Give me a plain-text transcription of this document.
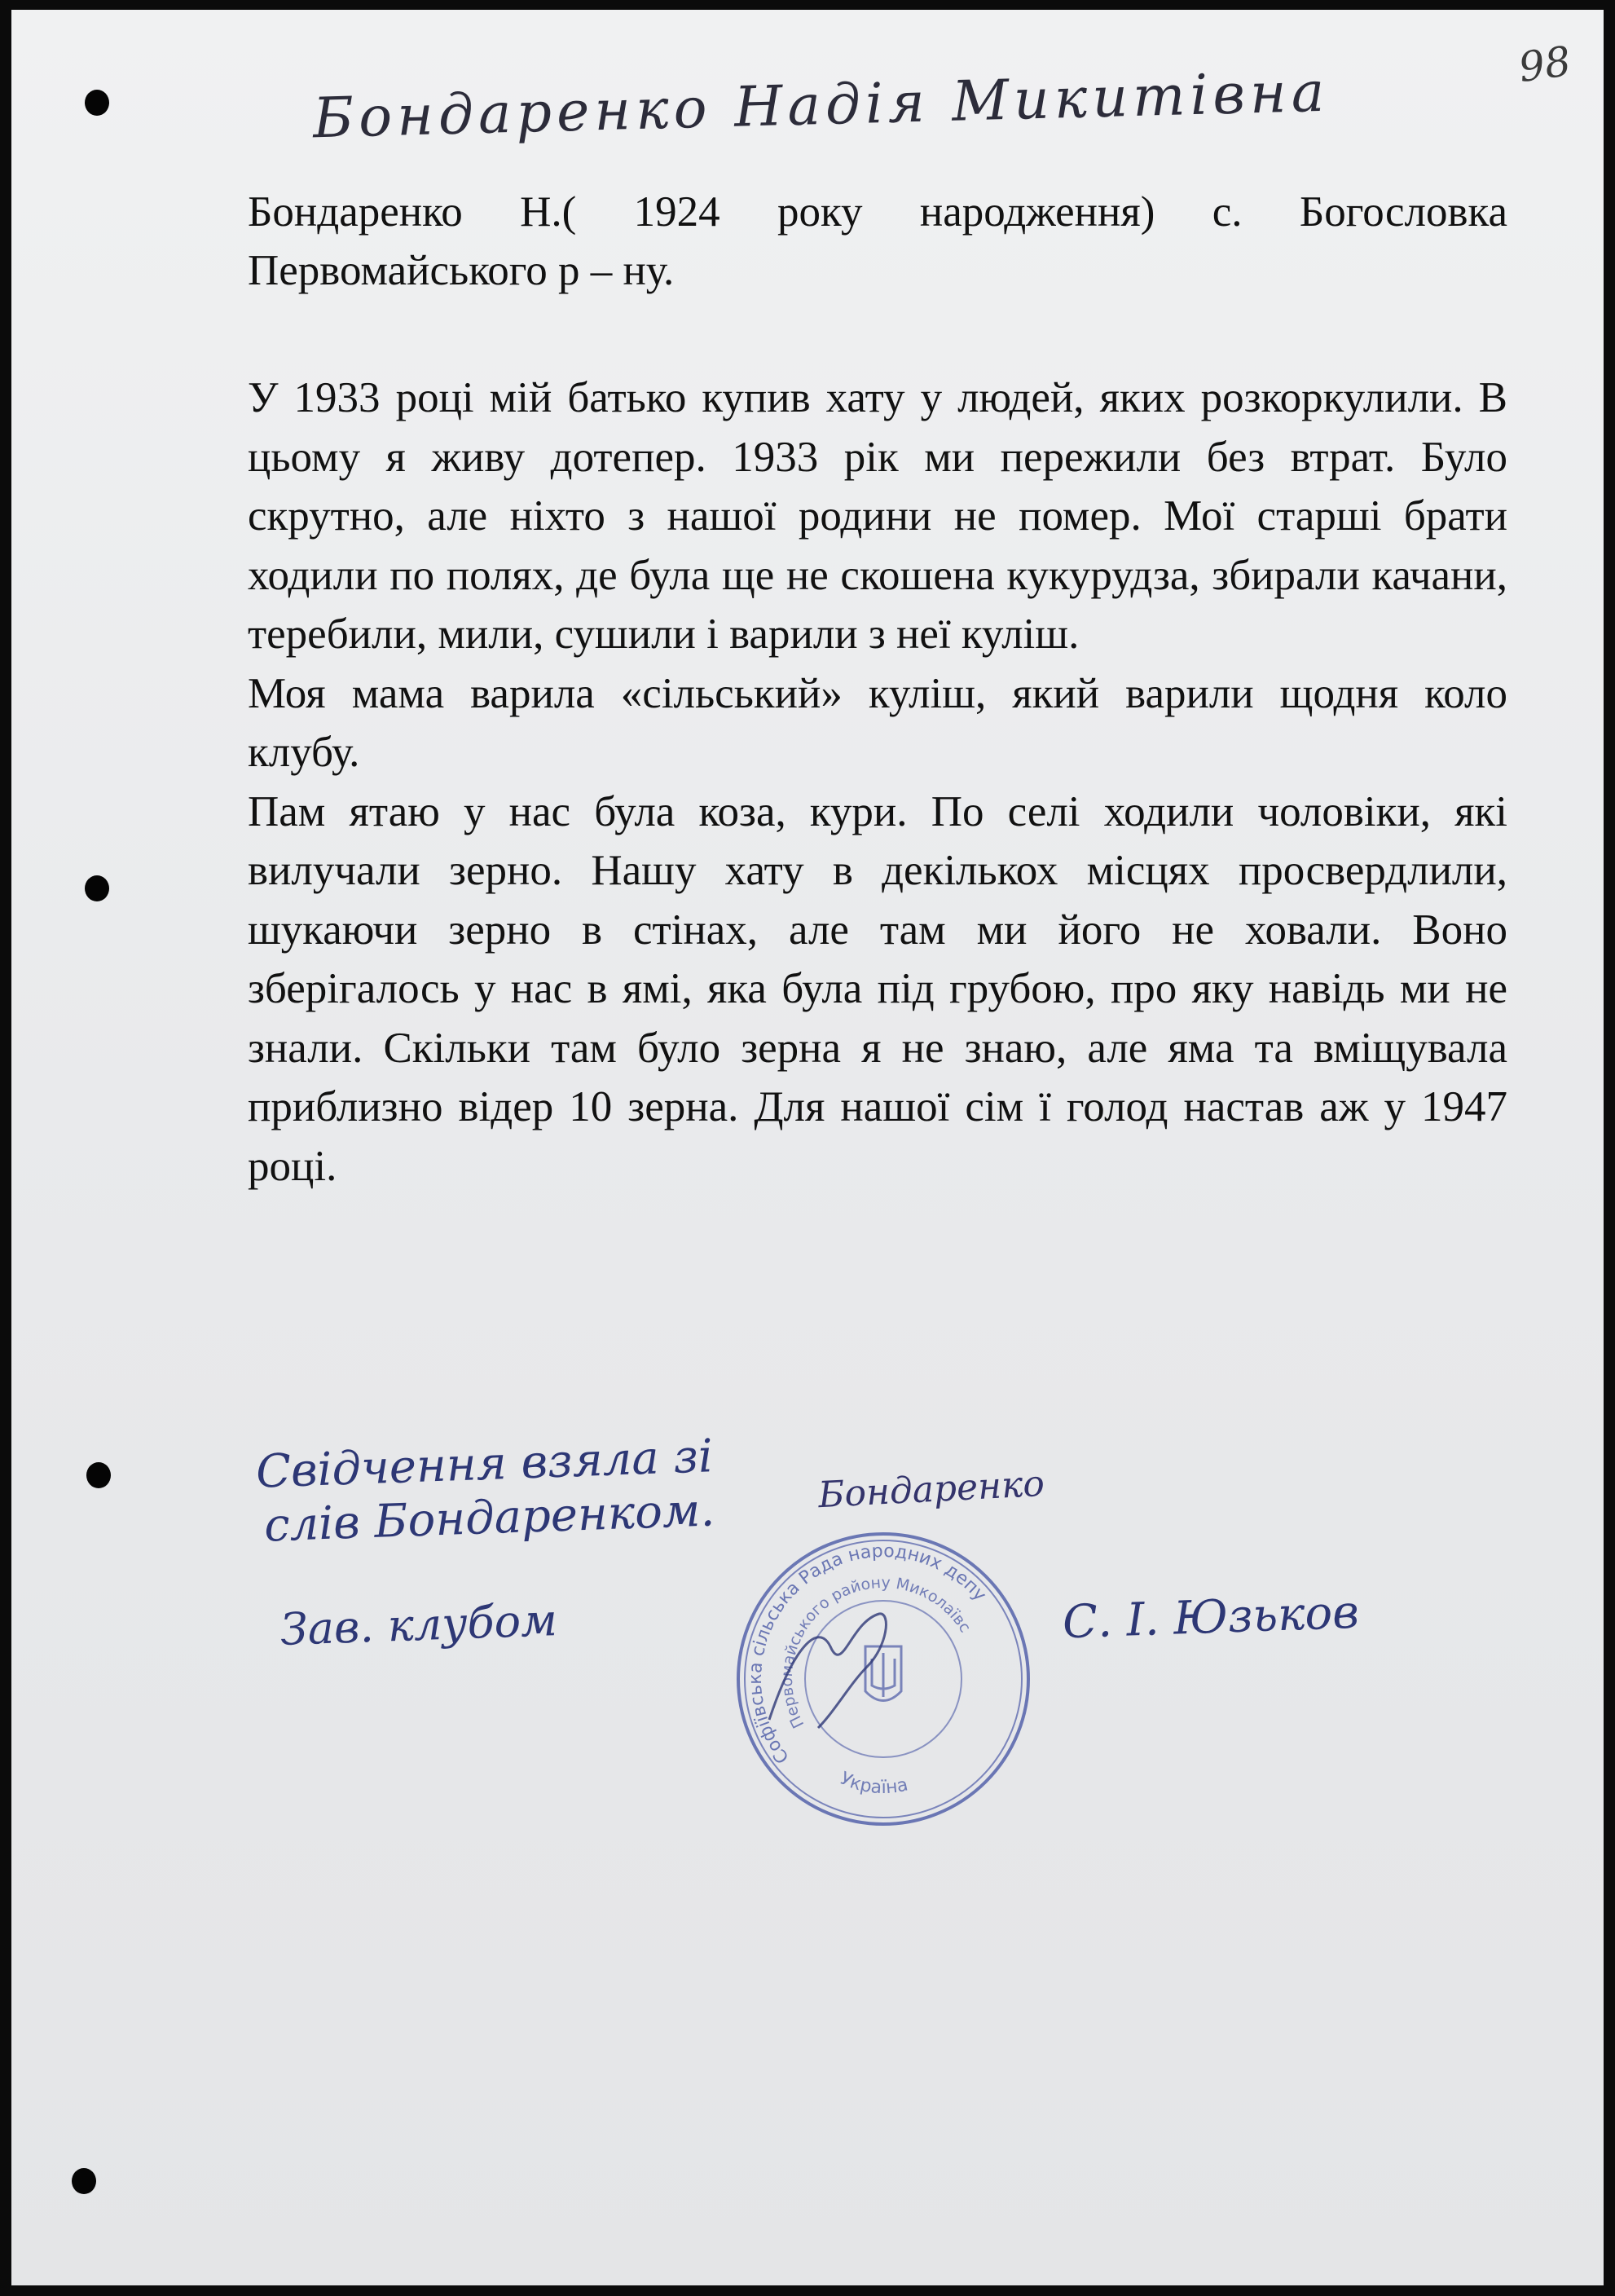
98
Бондаренко Надія Микитівна
Бондаренко Н.( 1924 року народження) с. Богословка
Первомайського р – ну.

У 1933 році мій батько купив хату у людей, яких розкоркулили. В цьому я живу дотепер. 1933 рік ми пережили без втрат. Було скрутно, але ніхто з нашої родини не помер. Мої старші брати ходили по полях, де була ще не скошена кукурудза, збирали качани, теребили, мили, сушили і варили з неї куліш.

Моя мама варила «сільський» куліш, який варили щодня коло клубу.

Пам ятаю у нас була коза, кури. По селі ходили чоловіки, які вилучали зерно. Нашу хату в декількох місцях просвердлили, шукаючи зерно в стінах, але там ми його не ховали. Воно зберігалось у нас в ямі, яка була під грубою, про яку навідь ми не знали. Скільки там було зерна я не знаю, але яма та вміщувала приблизно відер 10 зерна. Для нашої сім ї голод настав аж у 1947 році.

Свідчення взяла зі
слів Бондаренком.	Бондаренко
Зав. клубом	С. І. Юзьков
Софіївська сільська Рада народних депутатів
Первомайського району Миколаївської
Україна
